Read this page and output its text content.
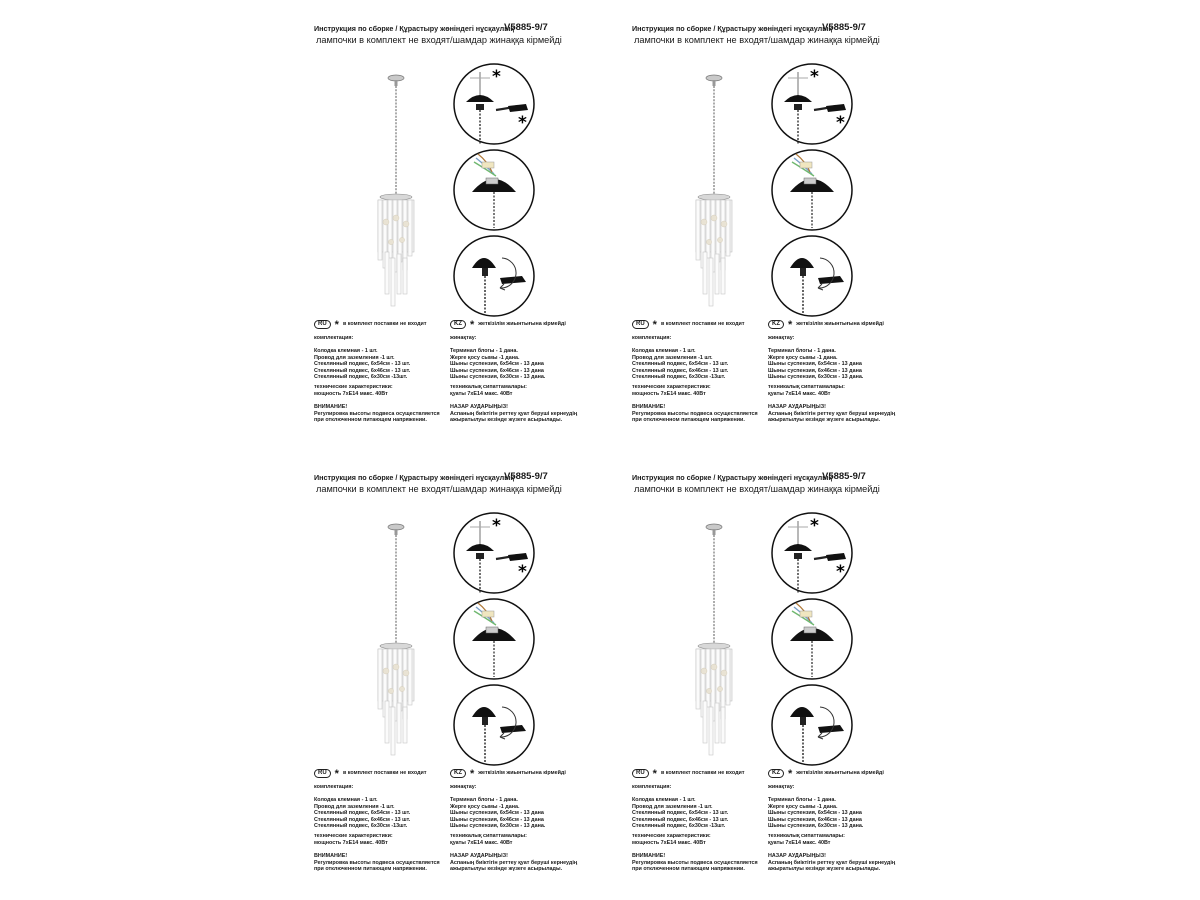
Инструкция по сборке / Құрастыру жөніндегі нұсқаулық
V5885-9/7
лампочки в комплект не входят/шамдар жинаққа кірмейді
*
*
RU * в комплект поставки не входит
комплектация:
Колодка клемная - 1 шт.
Провод для заземления -1 шт.
Стеклянный подвес, 6х54см - 13 шт.
Стеклянный подвес, 6х46см - 13 шт.
Стеклянный подвес, 6х30см -13шт.
технические характеристики:
мощность 7хЕ14 макс. 40Вт
ВНИМАНИЕ!
Регулировка высоты подвеса осуществляется
при отключенном питающем напряжении.
KZ * жеткізілім жиынтығына кірмейді
жинақтау:
Терминал блогы - 1 дана.
Жерге қосу сымы -1 дана.
Шыны суспензия, 6х54см - 13 дана
Шыны суспензия, 6х46см - 13 дана
Шыны суспензия, 6х30см - 13 дана.
техникалық сипаттамалары:
қуаты 7хЕ14 макс. 40Вт
НАЗАР АУДАРЫҢЫЗ!
Аспаның биіктігін реттеу қуат беруші кернеудің
ажыратылуы кезінде жүзеге асырылады.
Инструкция по сборке / Құрастыру жөніндегі нұсқаулық
V5885-9/7
лампочки в комплект не входят/шамдар жинаққа кірмейді
*
*
RU * в комплект поставки не входит
комплектация:
Колодка клемная - 1 шт.
Провод для заземления -1 шт.
Стеклянный подвес, 6х54см - 13 шт.
Стеклянный подвес, 6х46см - 13 шт.
Стеклянный подвес, 6х30см -13шт.
технические характеристики:
мощность 7хЕ14 макс. 40Вт
ВНИМАНИЕ!
Регулировка высоты подвеса осуществляется
при отключенном питающем напряжении.
KZ * жеткізілім жиынтығына кірмейді
жинақтау:
Терминал блогы - 1 дана.
Жерге қосу сымы -1 дана.
Шыны суспензия, 6х54см - 13 дана
Шыны суспензия, 6х46см - 13 дана
Шыны суспензия, 6х30см - 13 дана.
техникалық сипаттамалары:
қуаты 7хЕ14 макс. 40Вт
НАЗАР АУДАРЫҢЫЗ!
Аспаның биіктігін реттеу қуат беруші кернеудің
ажыратылуы кезінде жүзеге асырылады.
Инструкция по сборке / Құрастыру жөніндегі нұсқаулық
V5885-9/7
лампочки в комплект не входят/шамдар жинаққа кірмейді
*
*
RU * в комплект поставки не входит
комплектация:
Колодка клемная - 1 шт.
Провод для заземления -1 шт.
Стеклянный подвес, 6х54см - 13 шт.
Стеклянный подвес, 6х46см - 13 шт.
Стеклянный подвес, 6х30см -13шт.
технические характеристики:
мощность 7хЕ14 макс. 40Вт
ВНИМАНИЕ!
Регулировка высоты подвеса осуществляется
при отключенном питающем напряжении.
KZ * жеткізілім жиынтығына кірмейді
жинақтау:
Терминал блогы - 1 дана.
Жерге қосу сымы -1 дана.
Шыны суспензия, 6х54см - 13 дана
Шыны суспензия, 6х46см - 13 дана
Шыны суспензия, 6х30см - 13 дана.
техникалық сипаттамалары:
қуаты 7хЕ14 макс. 40Вт
НАЗАР АУДАРЫҢЫЗ!
Аспаның биіктігін реттеу қуат беруші кернеудің
ажыратылуы кезінде жүзеге асырылады.
Инструкция по сборке / Құрастыру жөніндегі нұсқаулық
V5885-9/7
лампочки в комплект не входят/шамдар жинаққа кірмейді
*
*
RU * в комплект поставки не входит
комплектация:
Колодка клемная - 1 шт.
Провод для заземления -1 шт.
Стеклянный подвес, 6х54см - 13 шт.
Стеклянный подвес, 6х46см - 13 шт.
Стеклянный подвес, 6х30см -13шт.
технические характеристики:
мощность 7хЕ14 макс. 40Вт
ВНИМАНИЕ!
Регулировка высоты подвеса осуществляется
при отключенном питающем напряжении.
KZ * жеткізілім жиынтығына кірмейді
жинақтау:
Терминал блогы - 1 дана.
Жерге қосу сымы -1 дана.
Шыны суспензия, 6х54см - 13 дана
Шыны суспензия, 6х46см - 13 дана
Шыны суспензия, 6х30см - 13 дана.
техникалық сипаттамалары:
қуаты 7хЕ14 макс. 40Вт
НАЗАР АУДАРЫҢЫЗ!
Аспаның биіктігін реттеу қуат беруші кернеудің
ажыратылуы кезінде жүзеге асырылады.
